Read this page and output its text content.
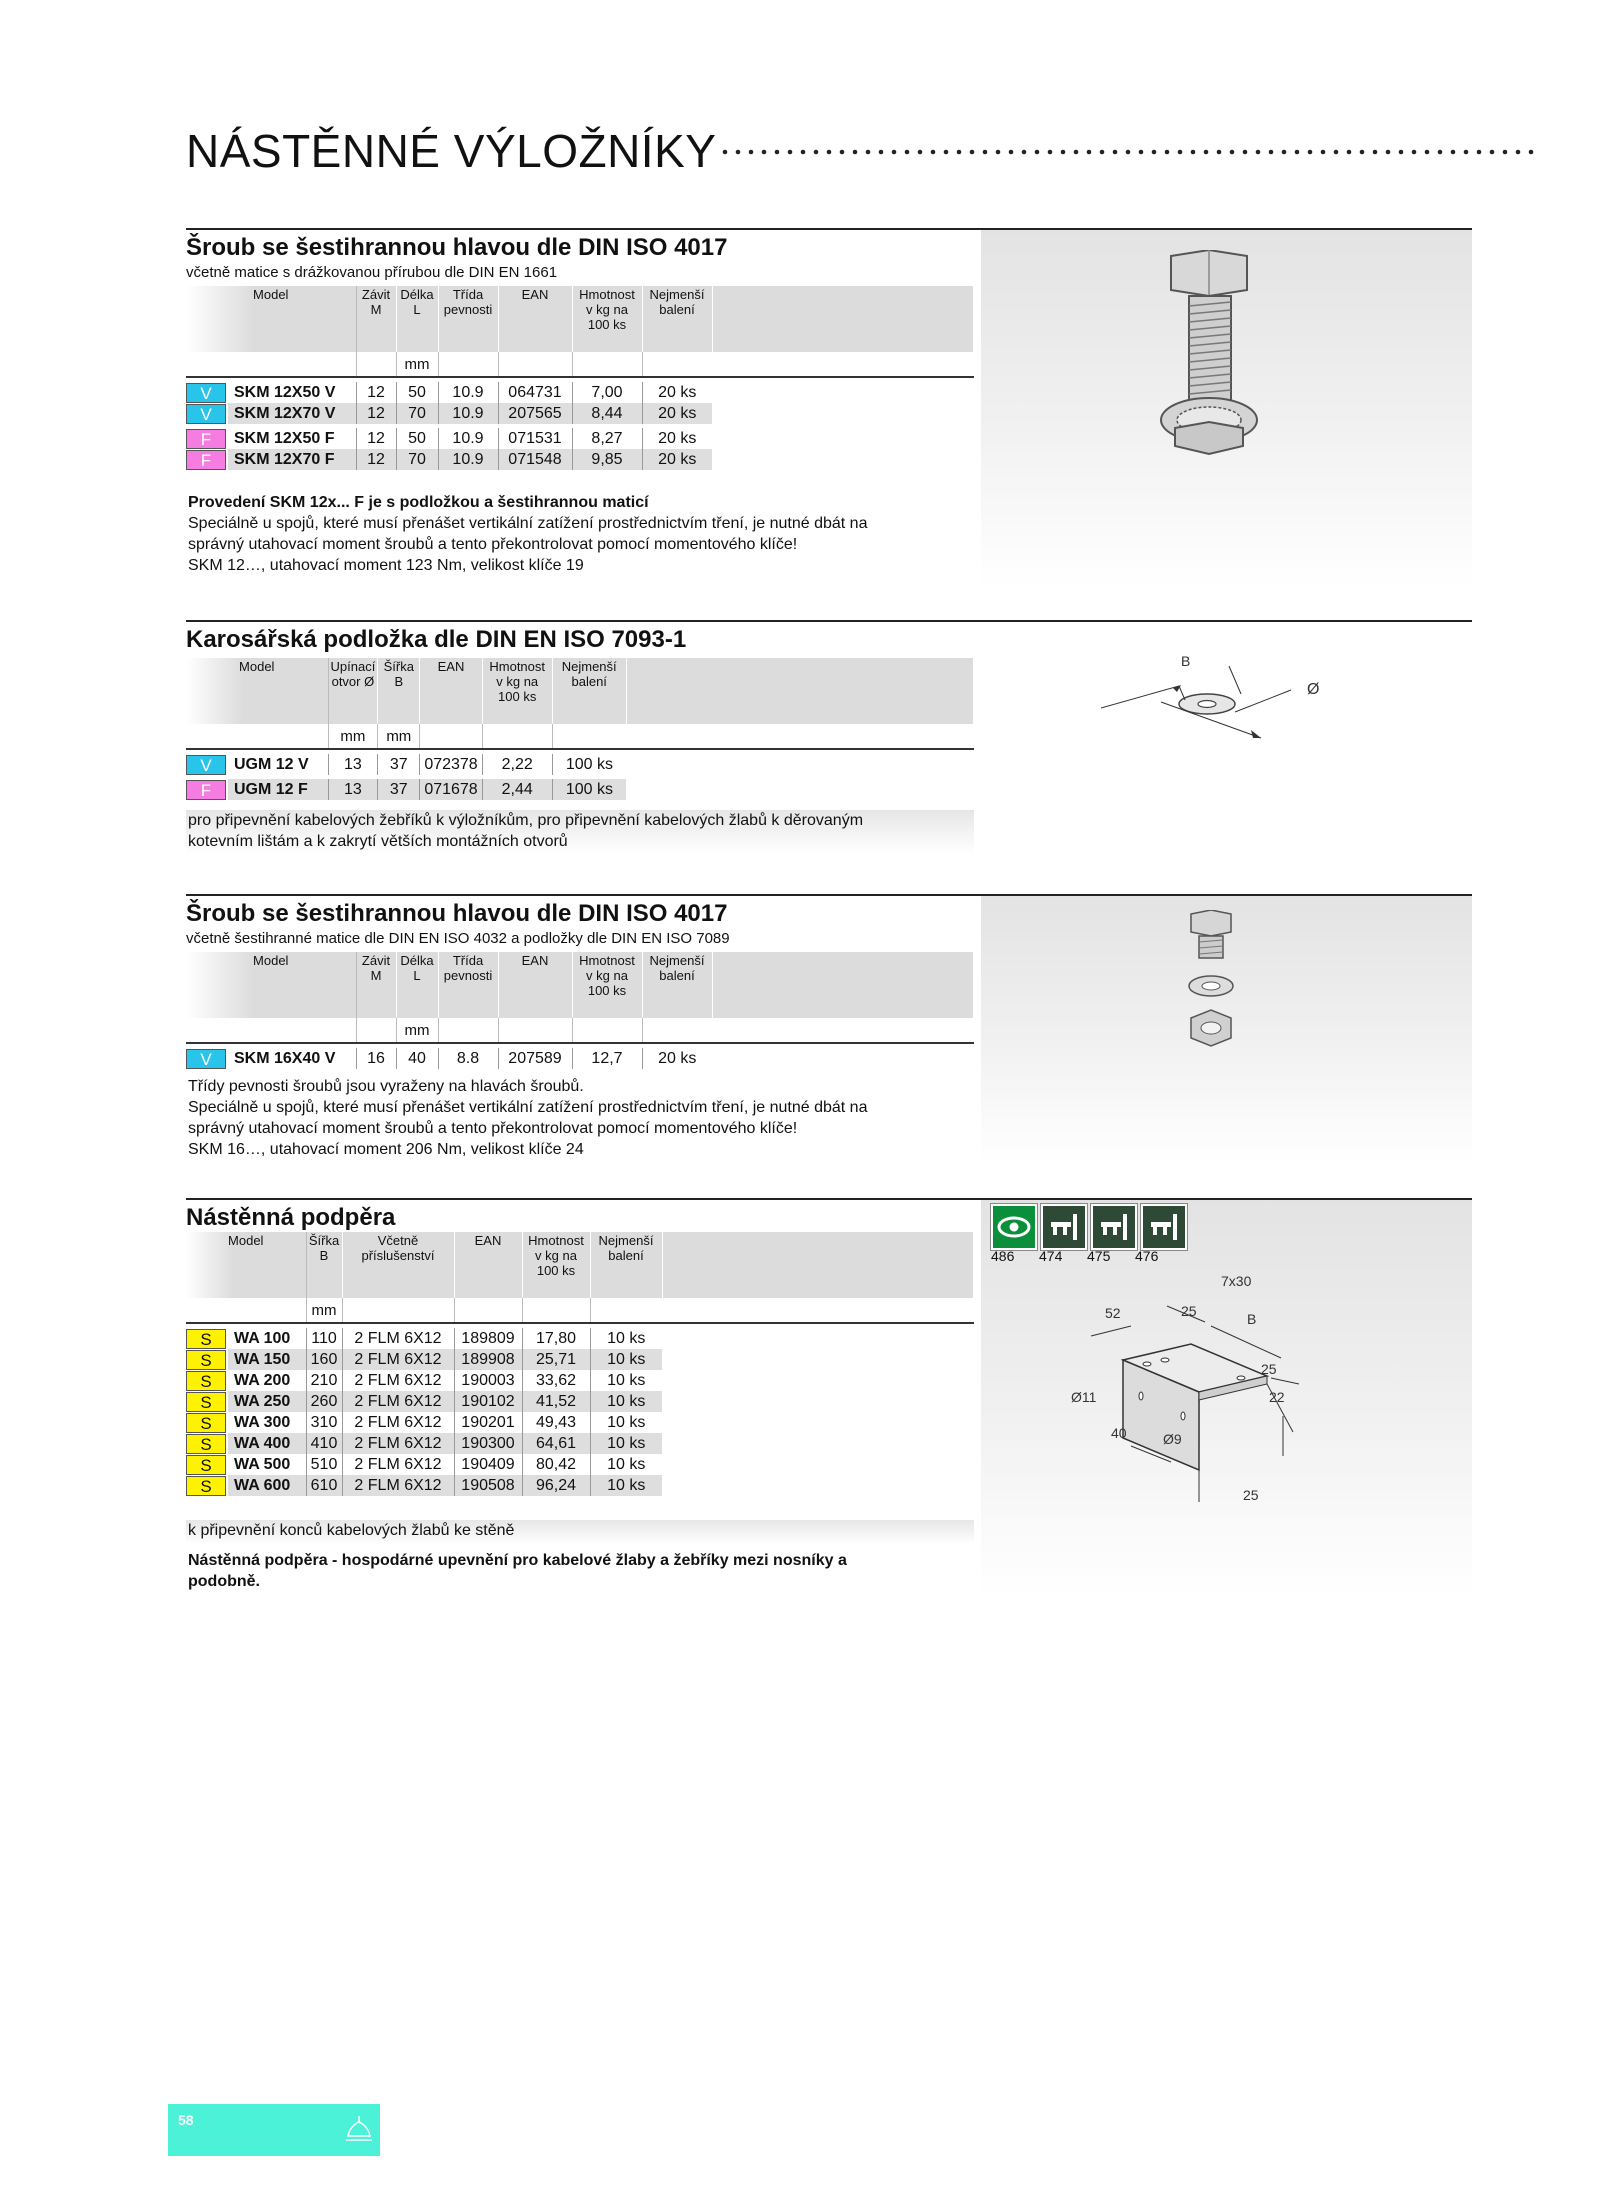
NÁSTĚNNÉ VÝLOŽNÍKY
Šroub se šestihrannou hlavou dle DIN ISO 4017
včetně matice s drážkovanou přírubou dle DIN EN 1661
Model		Závit M	Délka L	Třída pevnosti	EAN	Hmotnost v kg na 100 ks	Nejmenší balení	
			mm					

V	SKM 12X50 V	12	50	10.9	064731	7,00	20 ks	

V	SKM 12X70 V	12	70	10.9	207565	8,44	20 ks	

F	SKM 12X50 F	12	50	10.9	071531	8,27	20 ks	

F	SKM 12X70 F	12	70	10.9	071548	9,85	20 ks	
Provedení SKM 12x... F je s podložkou a šestihrannou maticí
Speciálně u spojů, které musí přenášet vertikální zatížení prostřednictvím tření, je nutné dbát na
správný utahovací moment šroubů a tento překontrolovat pomocí momentového klíče!
SKM 12…, utahovací moment 123 Nm, velikost klíče 19
B
Ø
Karosářská podložka dle DIN EN ISO 7093-1
Model		Upínací otvor Ø	Šířka B	EAN	Hmotnost v kg na 100 ks	Nejmenší balení	
		mm	mm				

V	UGM 12 V	13	37	072378	2,22	100 ks	

F	UGM 12 F	13	37	071678	2,44	100 ks	
pro připevnění kabelových žebříků k výložníkům, pro připevnění kabelových žlabů k děrovaným
kotevním lištám a k zakrytí větších montážních otvorů
Šroub se šestihrannou hlavou dle DIN ISO 4017
včetně šestihranné matice dle DIN EN ISO 4032 a podložky dle DIN EN ISO 7089
Model		Závit M	Délka L	Třída pevnosti	EAN	Hmotnost v kg na 100 ks	Nejmenší balení	
			mm					

V	SKM 16X40 V	16	40	8.8	207589	12,7	20 ks	
Třídy pevnosti šroubů jsou vyraženy na hlavách šroubů.
Speciálně u spojů, které musí přenášet vertikální zatížení prostřednictvím tření, je nutné dbát na
správný utahovací moment šroubů a tento překontrolovat pomocí momentového klíče!
SKM 16…, utahovací moment 206 Nm, velikost klíče 24
486	474	475	476
7x30
52	25	B
25
22
Ø11
40	Ø9
25
Nástěnná podpěra
Model		Šířka B	Včetně příslušenství	EAN	Hmotnost v kg na 100 ks	Nejmenší balení	
		mm					

S	WA 100	110	2 FLM 6X12	189809	17,80	10 ks	

S	WA 150	160	2 FLM 6X12	189908	25,71	10 ks	

S	WA 200	210	2 FLM 6X12	190003	33,62	10 ks	

S	WA 250	260	2 FLM 6X12	190102	41,52	10 ks	

S	WA 300	310	2 FLM 6X12	190201	49,43	10 ks	

S	WA 400	410	2 FLM 6X12	190300	64,61	10 ks	

S	WA 500	510	2 FLM 6X12	190409	80,42	10 ks	

S	WA 600	610	2 FLM 6X12	190508	96,24	10 ks	
k připevnění konců kabelových žlabů ke stěně
Nástěnná podpěra - hospodárné upevnění pro kabelové žlaby a žebříky mezi nosníky a
podobně.
58
